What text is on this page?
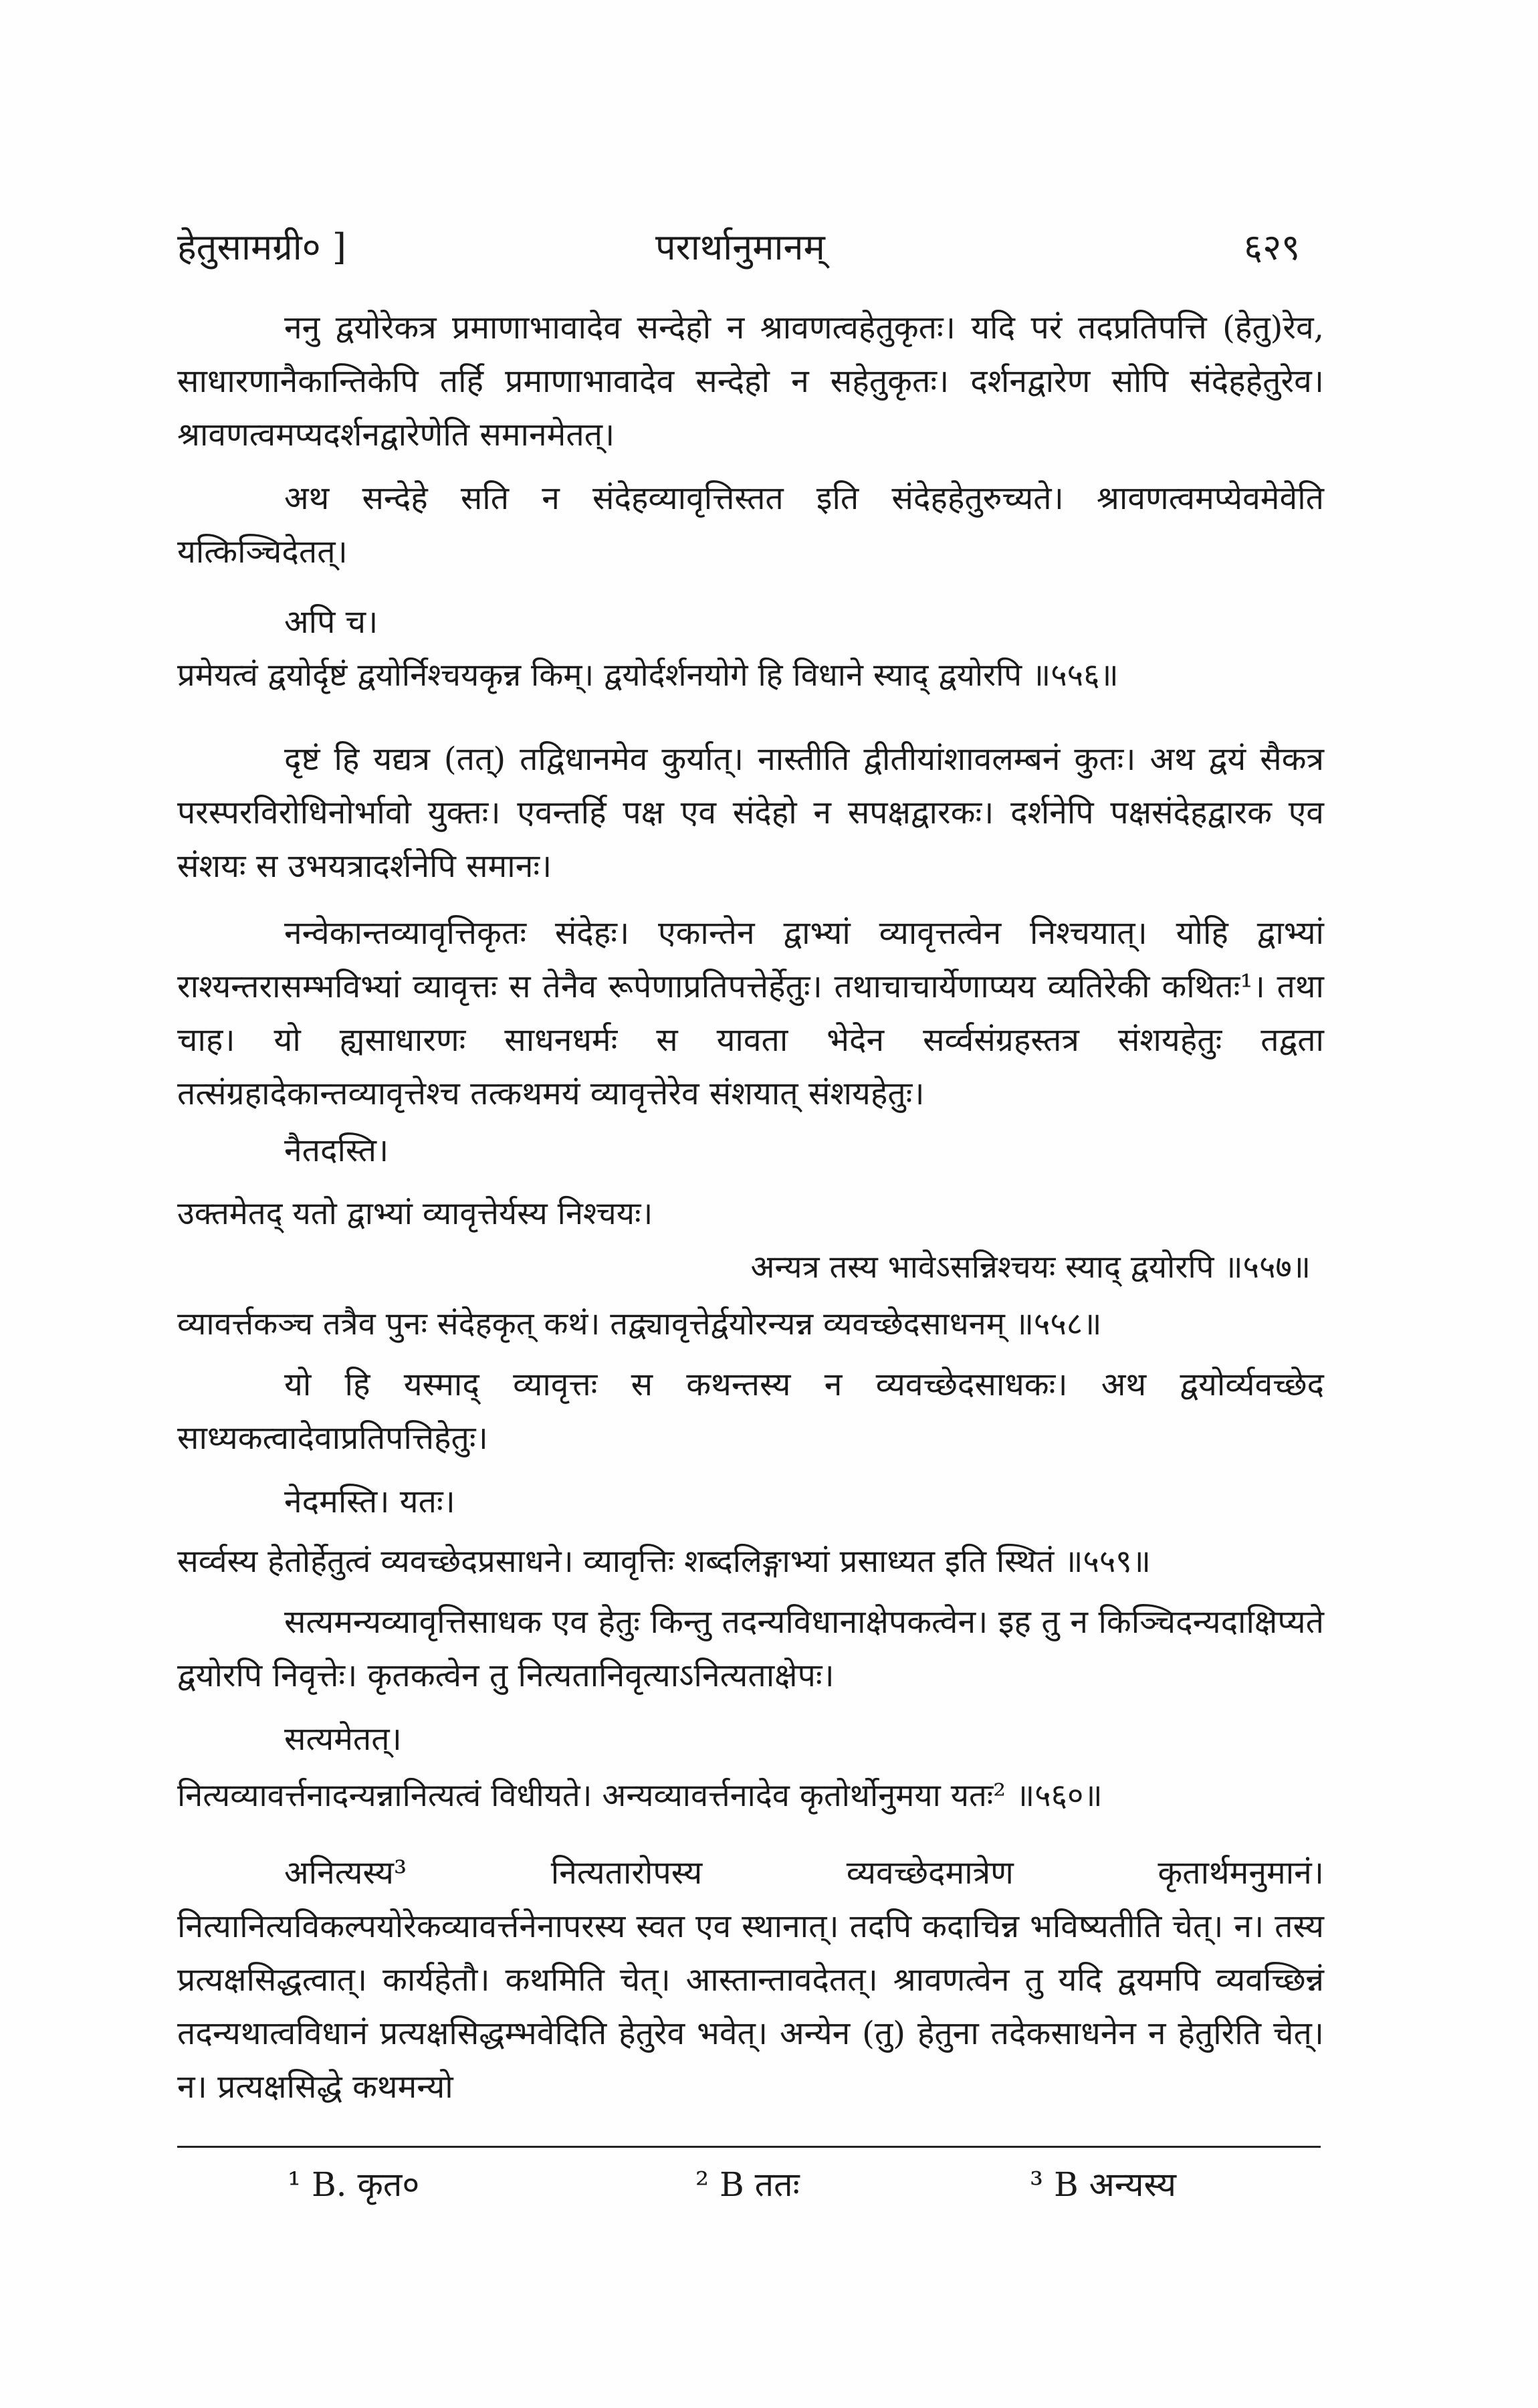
हेतुसामग्री० ]	परार्थानुमानम्	६२९
ननु द्वयोरेकत्र प्रमाणाभावादेव सन्देहो न श्रावणत्वहेतुकृतः। यदि परं तदप्रतिपत्ति (हेतु)रेव, साधारणानैकान्तिकेपि तर्हि प्रमाणाभावादेव सन्देहो न सहेतुकृतः। दर्शनद्वारेण सोपि संदेहहेतुरेव। श्रावणत्वमप्यदर्शनद्वारेणेति समानमेतत्।
अथ सन्देहे सति न संदेहव्यावृत्तिस्तत इति संदेहहेतुरुच्यते। श्रावणत्वमप्येवमेवेति यत्किञ्चिदेतत्।
अपि च।
प्रमेयत्वं द्वयोर्दृष्टं द्वयोर्निश्चयकृन्न किम्। द्वयोर्दर्शनयोगे हि विधाने स्याद् द्वयोरपि ॥५५६॥
दृष्टं हि यद्यत्र (तत्) तद्विधानमेव कुर्यात्। नास्तीति द्वीतीयांशावलम्बनं कुतः। अथ द्वयं सैकत्र परस्परविरोधिनोर्भावो युक्तः। एवन्तर्हि पक्ष एव संदेहो न सपक्षद्वारकः। दर्शनेपि पक्षसंदेहद्वारक एव संशयः स उभयत्रादर्शनेपि समानः।
नन्वेकान्तव्यावृत्तिकृतः संदेहः। एकान्तेन द्वाभ्यां व्यावृत्तत्वेन निश्चयात्। योहि द्वाभ्यां राश्यन्तरासम्भविभ्यां व्यावृत्तः स तेनैव रूपेणाप्रतिपत्तेर्हेतुः। तथाचाचार्येणाप्यय व्यतिरेकी कथितः¹। तथा चाह। यो ह्यसाधारणः साधनधर्मः स यावता भेदेन सर्व्वसंग्रहस्तत्र संशयहेतुः तद्वता तत्संग्रहादेकान्तव्यावृत्तेश्च तत्कथमयं व्यावृत्तेरेव संशयात् संशयहेतुः।
नैतदस्ति।
उक्तमेतद् यतो द्वाभ्यां व्यावृत्तेर्यस्य निश्चयः।
अन्यत्र तस्य भावेऽसन्निश्चयः स्याद् द्वयोरपि ॥५५७॥
व्यावर्त्तकञ्च तत्रैव पुनः संदेहकृत् कथं। तद्व्यावृत्तेर्द्वयोरन्यन्न व्यवच्छेदसाधनम् ॥५५८॥
यो हि यस्माद् व्यावृत्तः स कथन्तस्य न व्यवच्छेदसाधकः। अथ द्वयोर्व्यवच्छेद साध्यकत्वादेवाप्रतिपत्तिहेतुः।
नेदमस्ति। यतः।
सर्व्वस्य हेतोर्हेतुत्वं व्यवच्छेदप्रसाधने। व्यावृत्तिः शब्दलिङ्गाभ्यां प्रसाध्यत इति स्थितं ॥५५९॥
सत्यमन्यव्यावृत्तिसाधक एव हेतुः किन्तु तदन्यविधानाक्षेपकत्वेन। इह तु न किञ्चिदन्यदाक्षिप्यते द्वयोरपि निवृत्तेः। कृतकत्वेन तु नित्यतानिवृत्याऽनित्यताक्षेपः।
सत्यमेतत्।
नित्यव्यावर्त्तनादन्यन्नानित्यत्वं विधीयते। अन्यव्यावर्त्तनादेव कृतोर्थोनुमया यतः² ॥५६०॥
अनित्यस्य³ नित्यतारोपस्य व्यवच्छेदमात्रेण कृतार्थमनुमानं। नित्यानित्यविकल्पयोरेकव्यावर्त्तनेनापरस्य स्वत एव स्थानात्। तदपि कदाचिन्न भविष्यतीति चेत्। न। तस्य प्रत्यक्षसिद्धत्वात्। कार्यहेतौ। कथमिति चेत्। आस्तान्तावदेतत्। श्रावणत्वेन तु यदि द्वयमपि व्यवच्छिन्नं तदन्यथात्वविधानं प्रत्यक्षसिद्धम्भवेदिति हेतुरेव भवेत्। अन्येन (तु) हेतुना तदेकसाधनेन न हेतुरिति चेत्। न। प्रत्यक्षसिद्धे कथमन्यो
¹ B. कृत०	² B ततः	³ B अन्यस्य
